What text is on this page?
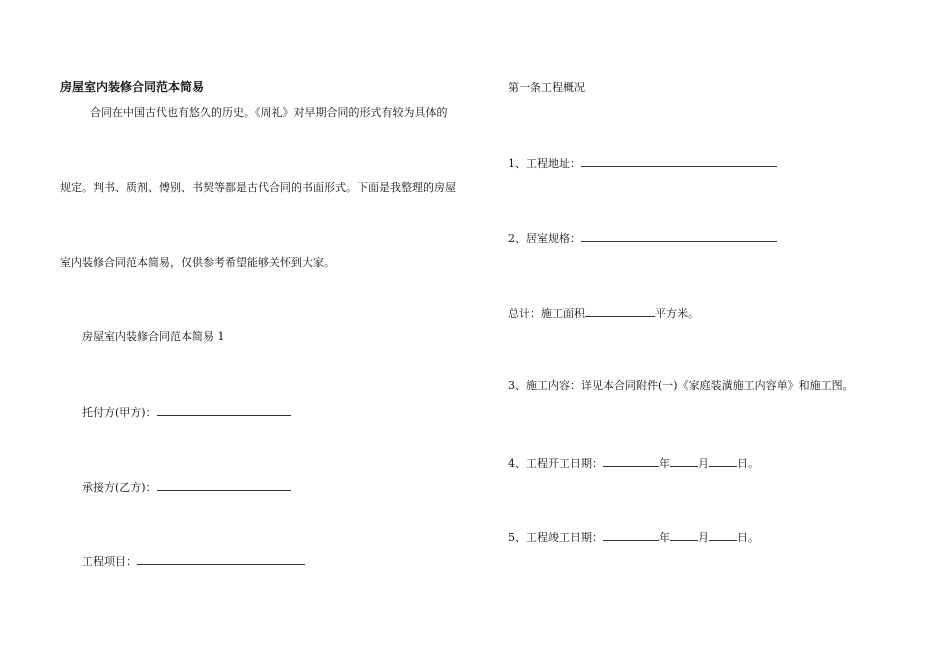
房屋室内装修合同范本简易
合同在中国古代也有悠久的历史。《周礼》对早期合同的形式有较为具体的
规定。判书、质剂、傅别、书契等都是古代合同的书面形式。下面是我整理的房屋
室内装修合同范本简易，仅供参考希望能够关怀到大家。
房屋室内装修合同范本简易 1
托付方(甲方)：
承接方(乙方)：
工程项目：
第一条工程概况
1、工程地址：
2、居室规格：
总计：施工面积	平方米。
3、施工内容：详见本合同附件(一)《家庭装潢施工内容单》和施工图。
4、工程开工日期：	年	月	日。
5、工程竣工日期：	年	月	日。
